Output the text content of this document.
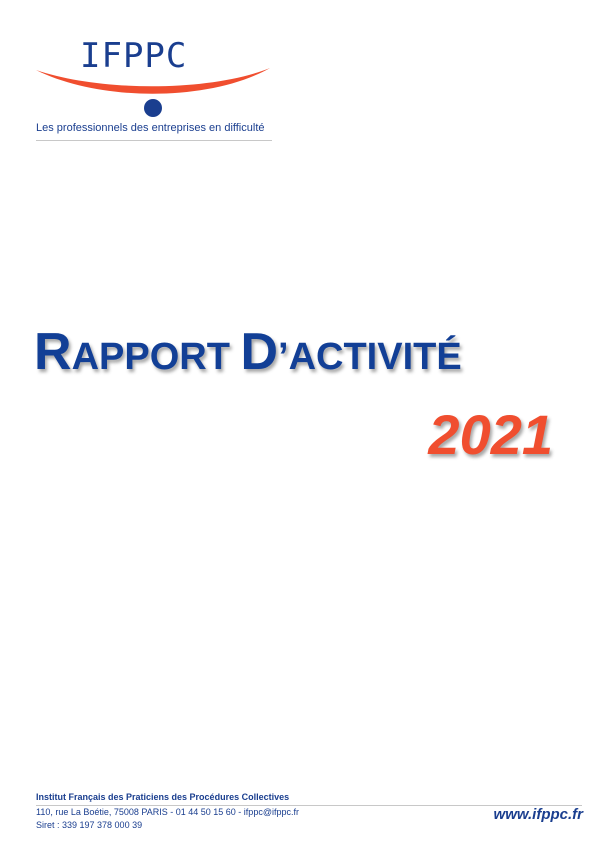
IFPPC
Les professionnels des entreprises en difficulté
RAPPORT D’ACTIVITÉ
2021
Institut Français des Praticiens des Procédures Collectives
110, rue La Boétie, 75008 PARIS - 01 44 50 15 60 - ifppc@ifppc.fr
Siret : 339 197 378 000 39
www.ifppc.fr
